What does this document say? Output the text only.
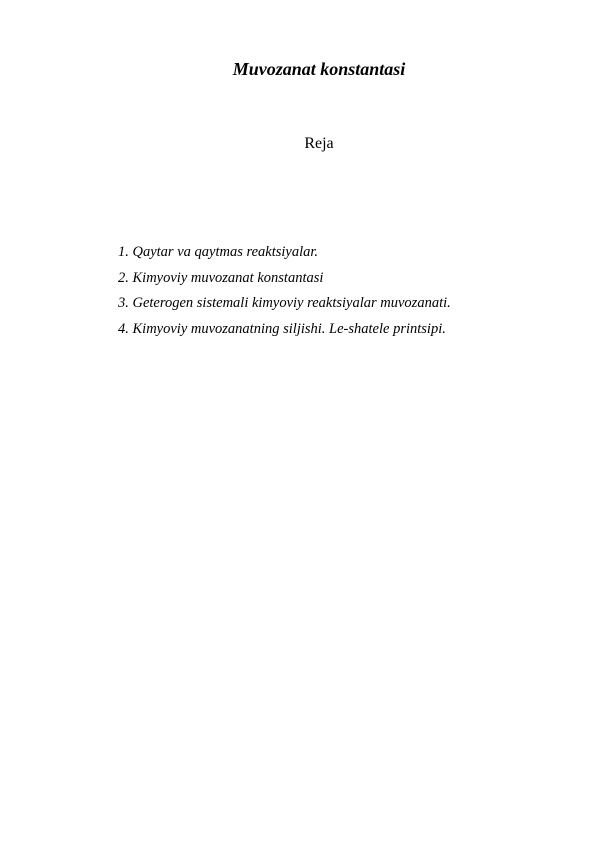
Muvozanat konstantasi
Reja
1. Qaytar va qaytmas reaktsiyalar.
2. Kimyoviy muvozanat konstantasi
3. Geterogen sistemali kimyoviy reaktsiyalar muvozanati.
4. Kimyoviy muvozanatning siljishi. Le-shatele printsipi.
